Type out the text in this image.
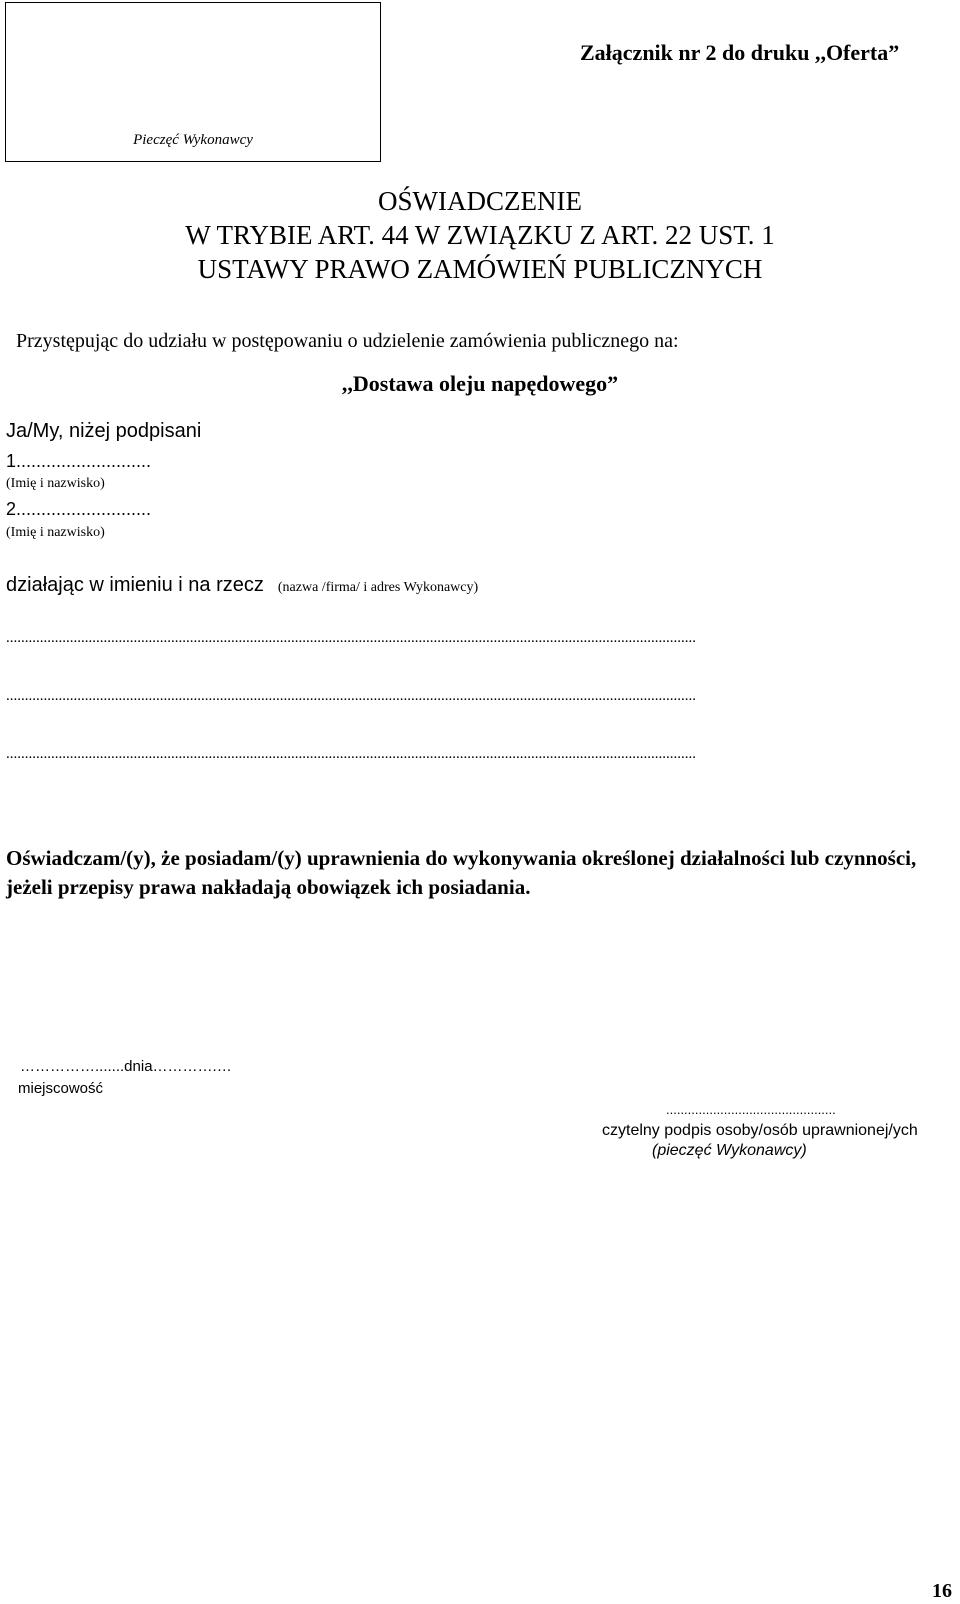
Pieczęć Wykonawcy
Załącznik nr 2 do druku ,,Oferta”
OŚWIADCZENIE
W TRYBIE ART. 44 W ZWIĄZKU Z ART. 22 UST. 1
USTAWY PRAWO ZAMÓWIEŃ PUBLICZNYCH
Przystępując do udziału w postępowaniu o udzielenie zamówienia publicznego na:
,,Dostawa oleju napędowego”
Ja/My, niżej podpisani
1...........................
(Imię i nazwisko)
2...........................
(Imię i nazwisko)
działając w imieniu i na rzecz (nazwa /firma/ i adres Wykonawcy)
........................................................................................................................................................................................
........................................................................................................................................................................................
........................................................................................................................................................................................
Oświadczam/(y), że posiadam/(y) uprawnienia do wykonywania określonej działalności lub czynności, jeżeli przepisy prawa nakładają obowiązek ich posiadania.
…………….......dnia………….…
miejscowość
...............................................
czytelny podpis osoby/osób uprawnionej/ych
(pieczęć Wykonawcy)
16
